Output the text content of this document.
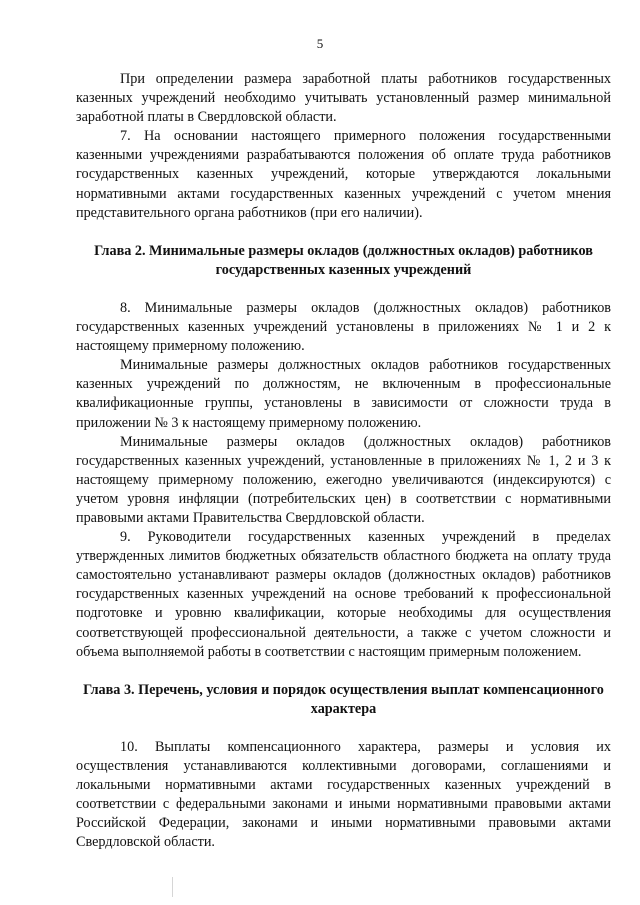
5

При определении размера заработной платы работников государственных казенных учреждений необходимо учитывать установленный размер минимальной заработной платы в Свердловской области.

7. На основании настоящего примерного положения государственными казенными учреждениями разрабатываются положения об оплате труда работников государственных казенных учреждений, которые утверждаются локальными нормативными актами государственных казенных учреждений с учетом мнения представительного органа работников (при его наличии).

Глава 2. Минимальные размеры окладов (должностных окладов) работников государственных казенных учреждений

8. Минимальные размеры окладов (должностных окладов) работников государственных казенных учреждений установлены в приложениях № 1 и 2 к настоящему примерному положению.

Минимальные размеры должностных окладов работников государственных казенных учреждений по должностям, не включенным в профессиональные квалификационные группы, установлены в зависимости от сложности труда в приложении № 3 к настоящему примерному положению.

Минимальные размеры окладов (должностных окладов) работников государственных казенных учреждений, установленные в приложениях № 1, 2 и 3 к настоящему примерному положению, ежегодно увеличиваются (индексируются) с учетом уровня инфляции (потребительских цен) в соответствии с нормативными правовыми актами Правительства Свердловской области.

9. Руководители государственных казенных учреждений в пределах утвержденных лимитов бюджетных обязательств областного бюджета на оплату труда самостоятельно устанавливают размеры окладов (должностных окладов) работников государственных казенных учреждений на основе требований к профессиональной подготовке и уровню квалификации, которые необходимы для осуществления соответствующей профессиональной деятельности, а также с учетом сложности и объема выполняемой работы в соответствии с настоящим примерным положением.

Глава 3. Перечень, условия и порядок осуществления выплат компенсационного характера

10. Выплаты компенсационного характера, размеры и условия их осуществления устанавливаются коллективными договорами, соглашениями и локальными нормативными актами государственных казенных учреждений в соответствии с федеральными законами и иными нормативными правовыми актами Российской Федерации, законами и иными нормативными правовыми актами Свердловской области.
